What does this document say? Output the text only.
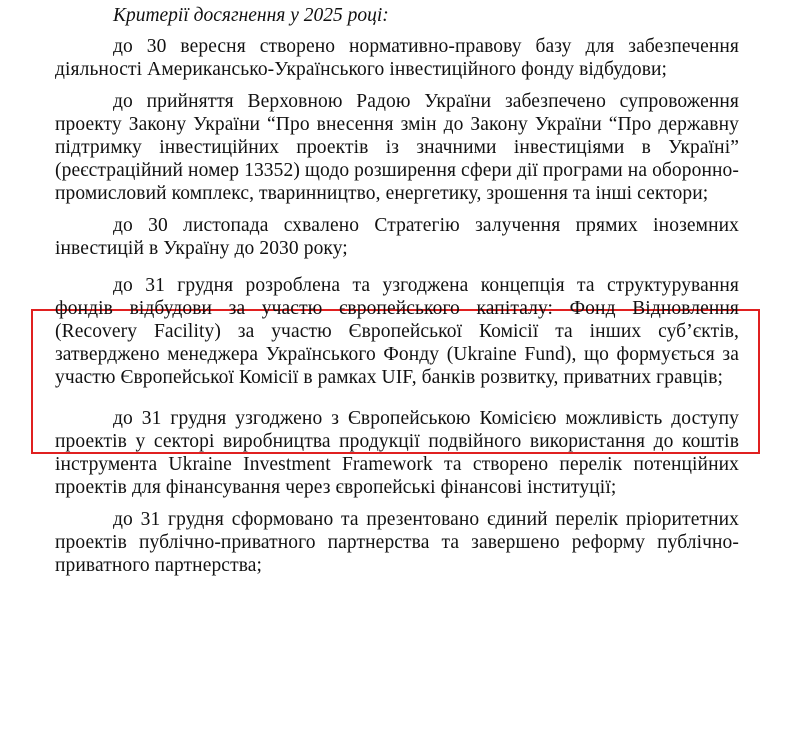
Критерії досягнення у 2025 році:

до 30 вересня створено нормативно-правову базу для забезпечення діяльності Американсько-Українського інвестиційного фонду відбудови;

до прийняття Верховною Радою України забезпечено супровоження проекту Закону України “Про внесення змін до Закону України “Про державну підтримку інвестиційних проектів із значними інвестиціями в Україні” (реєстраційний номер 13352) щодо розширення сфери дії програми на оборонно-промисловий комплекс, тваринництво, енергетику, зрошення та інші сектори;

до 30 листопада схвалено Стратегію залучення прямих іноземних інвестицій в Україну до 2030 року;

до 31 грудня розроблена та узгоджена концепція та структурування фондів відбудови за участю європейського капіталу: Фонд Відновлення (Recovery Facility) за участю Європейської Комісії та інших суб’єктів, затверджено менеджера Українського Фонду (Ukraine Fund), що формується за участю Європейської Комісії в рамках UIF, банків розвитку, приватних гравців;

до 31 грудня узгоджено з Європейською Комісією можливість доступу проектів у секторі виробництва продукції подвійного використання до коштів інструмента Ukraine Investment Framework та створено перелік потенційних проектів для фінансування через європейські фінансові інституції;

до 31 грудня сформовано та презентовано єдиний перелік пріоритетних проектів публічно-приватного партнерства та завершено реформу публічно-приватного партнерства;
